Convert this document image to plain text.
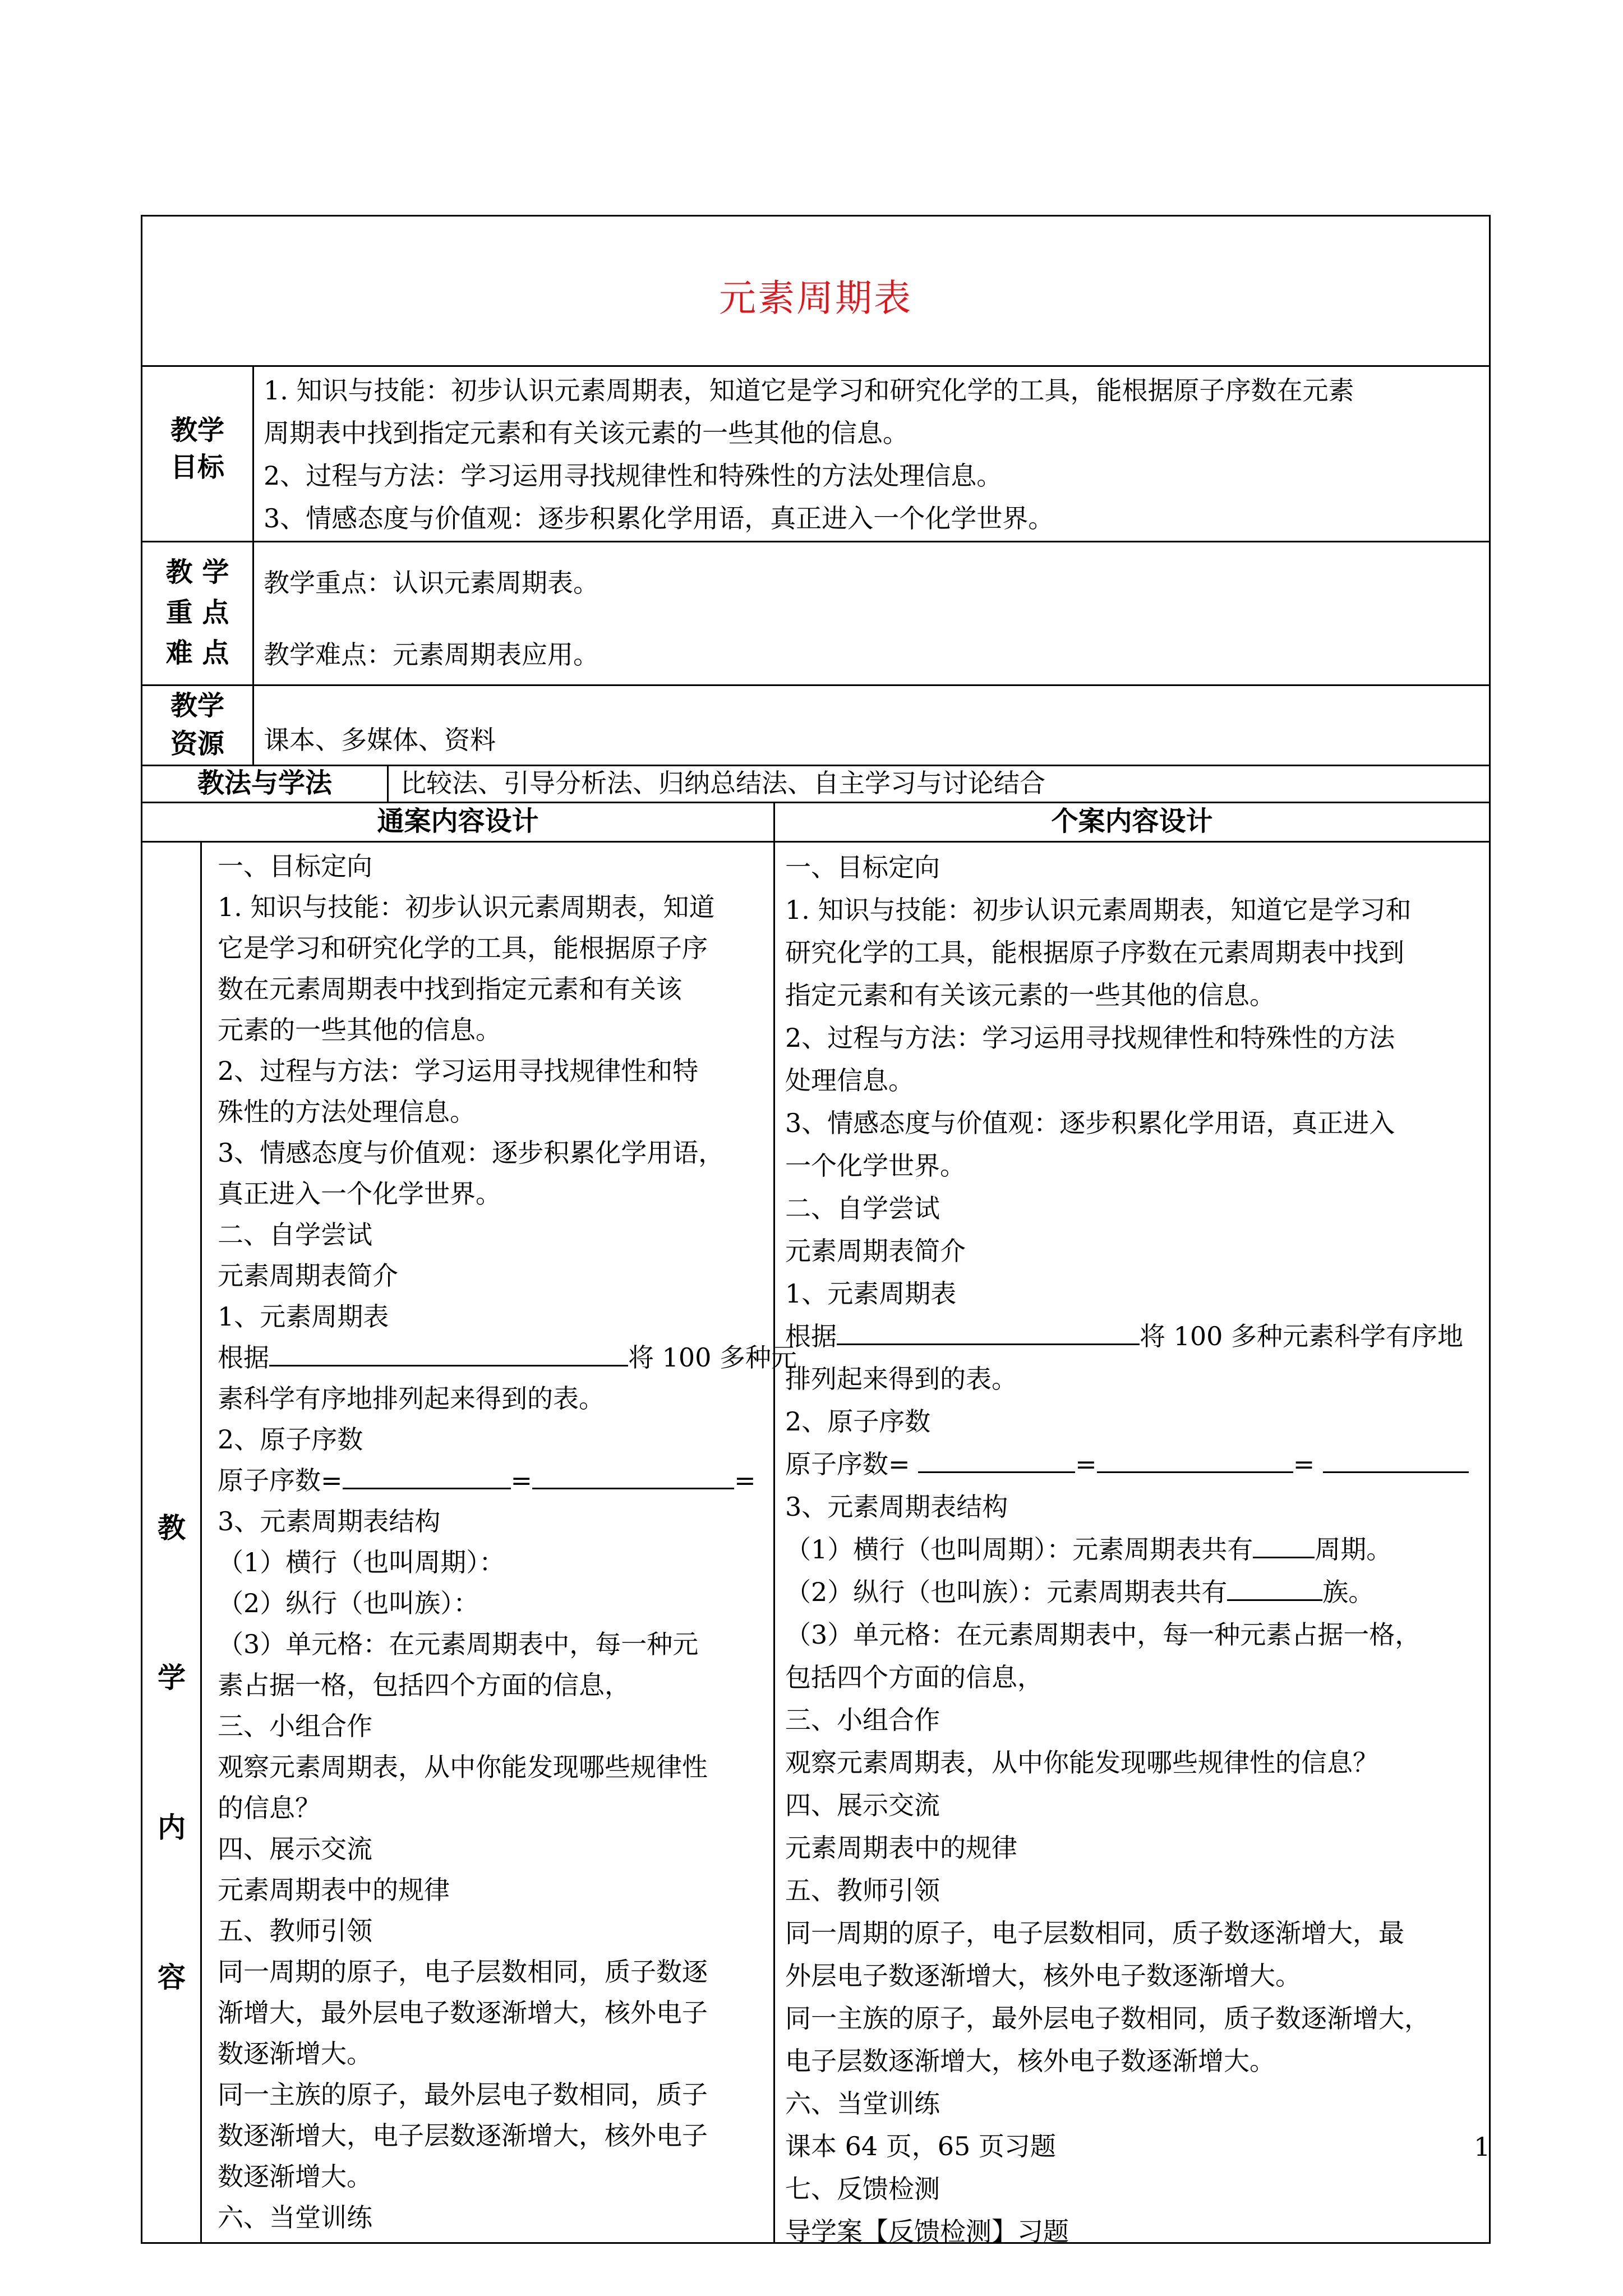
元素周期表
教学
目标
1. 知识与技能：初步认识元素周期表，知道它是学习和研究化学的工具，能根据原子序数在元素
周期表中找到指定元素和有关该元素的一些其他的信息。
2、过程与方法：学习运用寻找规律性和特殊性的方法处理信息。
3、情感态度与价值观：逐步积累化学用语，真正进入一个化学世界。
教 学
重 点
难 点
教学重点：认识元素周期表。
教学难点：元素周期表应用。
教学
资源	课本、多媒体、资料
教法与学法	比较法、引导分析法、归纳总结法、自主学习与讨论结合
通案内容设计	个案内容设计
教
学
内
容
一、目标定向
1. 知识与技能：初步认识元素周期表，知道
它是学习和研究化学的工具，能根据原子序
数在元素周期表中找到指定元素和有关该
元素的一些其他的信息。
2、过程与方法：学习运用寻找规律性和特
殊性的方法处理信息。
3、情感态度与价值观：逐步积累化学用语，
真正进入一个化学世界。
二、自学尝试
元素周期表简介
1、元素周期表
根据	将 100 多种元
素科学有序地排列起来得到的表。
2、原子序数
原子序数=	=	=
3、元素周期表结构
（1）横行（也叫周期）：
（2）纵行（也叫族）：
（3）单元格：在元素周期表中，每一种元
素占据一格，包括四个方面的信息，
三、小组合作
观察元素周期表，从中你能发现哪些规律性
的信息？
四、展示交流
元素周期表中的规律
五、教师引领
同一周期的原子，电子层数相同，质子数逐
渐增大，最外层电子数逐渐增大，核外电子
数逐渐增大。
同一主族的原子，最外层电子数相同，质子
数逐渐增大，电子层数逐渐增大，核外电子
数逐渐增大。
六、当堂训练
一、目标定向
1. 知识与技能：初步认识元素周期表，知道它是学习和
研究化学的工具，能根据原子序数在元素周期表中找到
指定元素和有关该元素的一些其他的信息。
2、过程与方法：学习运用寻找规律性和特殊性的方法
处理信息。
3、情感态度与价值观：逐步积累化学用语，真正进入
一个化学世界。
二、自学尝试
元素周期表简介
1、元素周期表
根据	将 100 多种元素科学有序地
排列起来得到的表。
2、原子序数
原子序数=	=	=
3、元素周期表结构
（1）横行（也叫周期）：元素周期表共有 周期。
（2）纵行（也叫族）：元素周期表共有	族。
（3）单元格：在元素周期表中，每一种元素占据一格，
包括四个方面的信息，
三、小组合作
观察元素周期表，从中你能发现哪些规律性的信息？
四、展示交流
元素周期表中的规律
五、教师引领
同一周期的原子，电子层数相同，质子数逐渐增大，最
外层电子数逐渐增大，核外电子数逐渐增大。
同一主族的原子，最外层电子数相同，质子数逐渐增大，
电子层数逐渐增大，核外电子数逐渐增大。
六、当堂训练
课本 64 页，65 页习题
七、反馈检测
导学案【反馈检测】习题
1
